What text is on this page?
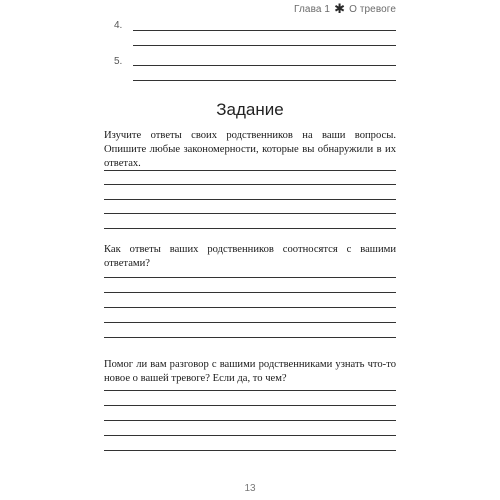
Глава 1 ✱ О тревоге
4.
5.
Задание

Изучите ответы своих родственников на ваши вопросы. Опишите любые закономерности, которые вы обнаружили в их ответах.

Как ответы ваших родственников соотносятся с вашими ответами?

Помог ли вам разговор с вашими родственниками узнать что-то новое о вашей тревоге? Если да, то чем?

13
